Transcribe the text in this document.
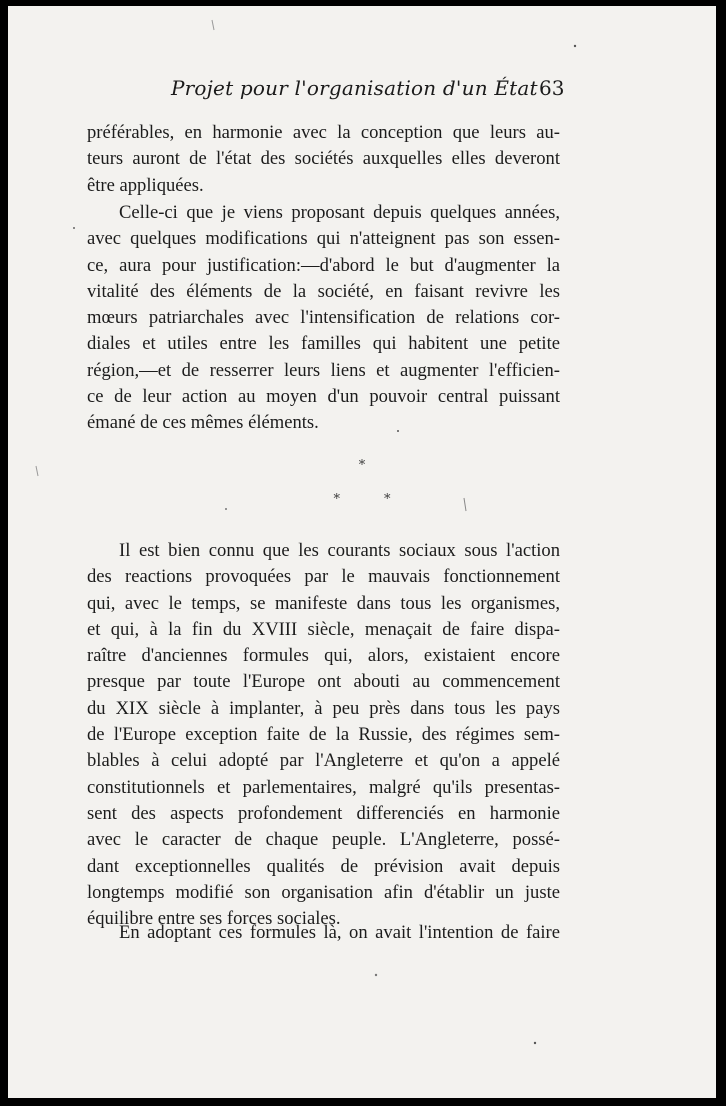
Projet pour l'organisation d'un État 63
préférables, en harmonie avec la conception que leurs au-
teurs auront de l'état des sociétés auxquelles elles deveront
être appliquées.
Celle-ci que je viens proposant depuis quelques années,
avec quelques modifications qui n'atteignent pas son essen-
ce, aura pour justification:—d'abord le but d'augmenter la
vitalité des éléments de la société, en faisant revivre les
mœurs patriarchales avec l'intensification de relations cor-
diales et utiles entre les familles qui habitent une petite
région,—et de resserrer leurs liens et augmenter l'efficien-
ce de leur action au moyen d'un pouvoir central puissant
émané de ces mêmes éléments.
*
*	*
Il est bien connu que les courants sociaux sous l'action
des reactions provoquées par le mauvais fonctionnement
qui, avec le temps, se manifeste dans tous les organismes,
et qui, à la fin du XVIII siècle, menaçait de faire dispa-
raître d'anciennes formules qui, alors, existaient encore
presque par toute l'Europe ont abouti au commencement
du XIX siècle à implanter, à peu près dans tous les pays
de l'Europe exception faite de la Russie, des régimes sem-
blables à celui adopté par l'Angleterre et qu'on a appelé
constitutionnels et parlementaires, malgré qu'ils presentas-
sent des aspects profondement differenciés en harmonie
avec le caracter de chaque peuple. L'Angleterre, possé-
dant exceptionnelles qualités de prévision avait depuis
longtemps modifié son organisation afin d'établir un juste
équilibre entre ses forces sociales.
En adoptant ces formules là, on avait l'intention de faire
